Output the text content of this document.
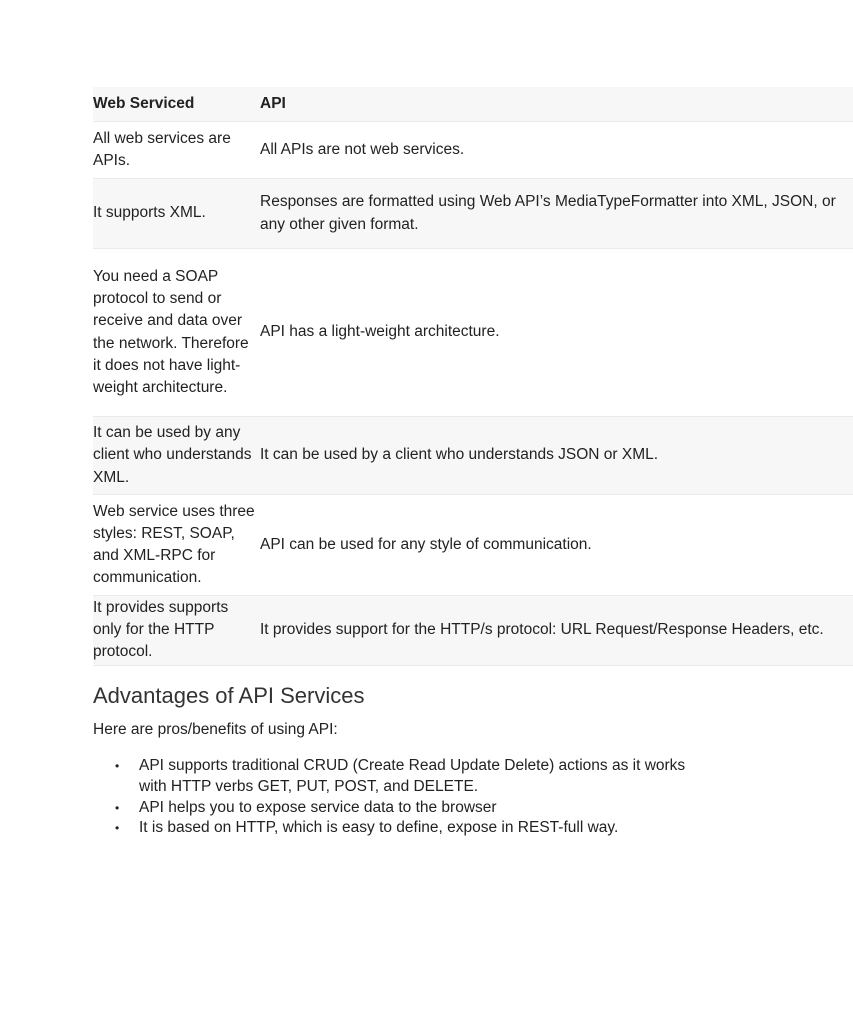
Web Serviced	API
All web services are APIs.	All APIs are not web services.
It supports XML.	Responses are formatted using Web API’s MediaTypeFormatter into XML, JSON, or any other given format.
You need a SOAP protocol to send or receive and data over the network. Therefore it does not have light-weight architecture.	API has a light-weight architecture.
It can be used by any client who understands XML.	It can be used by a client who understands JSON or XML.
Web service uses three styles: REST, SOAP, and XML-RPC for communication.	API can be used for any style of communication.
It provides supports only for the HTTP protocol.	It provides support for the HTTP/s protocol: URL Request/Response Headers, etc.
Advantages of API Services

Here are pros/benefits of using API:

• API supports traditional CRUD (Create Read Update Delete) actions as it works with HTTP verbs GET, PUT, POST, and DELETE.
• API helps you to expose service data to the browser
• It is based on HTTP, which is easy to define, expose in REST-full way.
